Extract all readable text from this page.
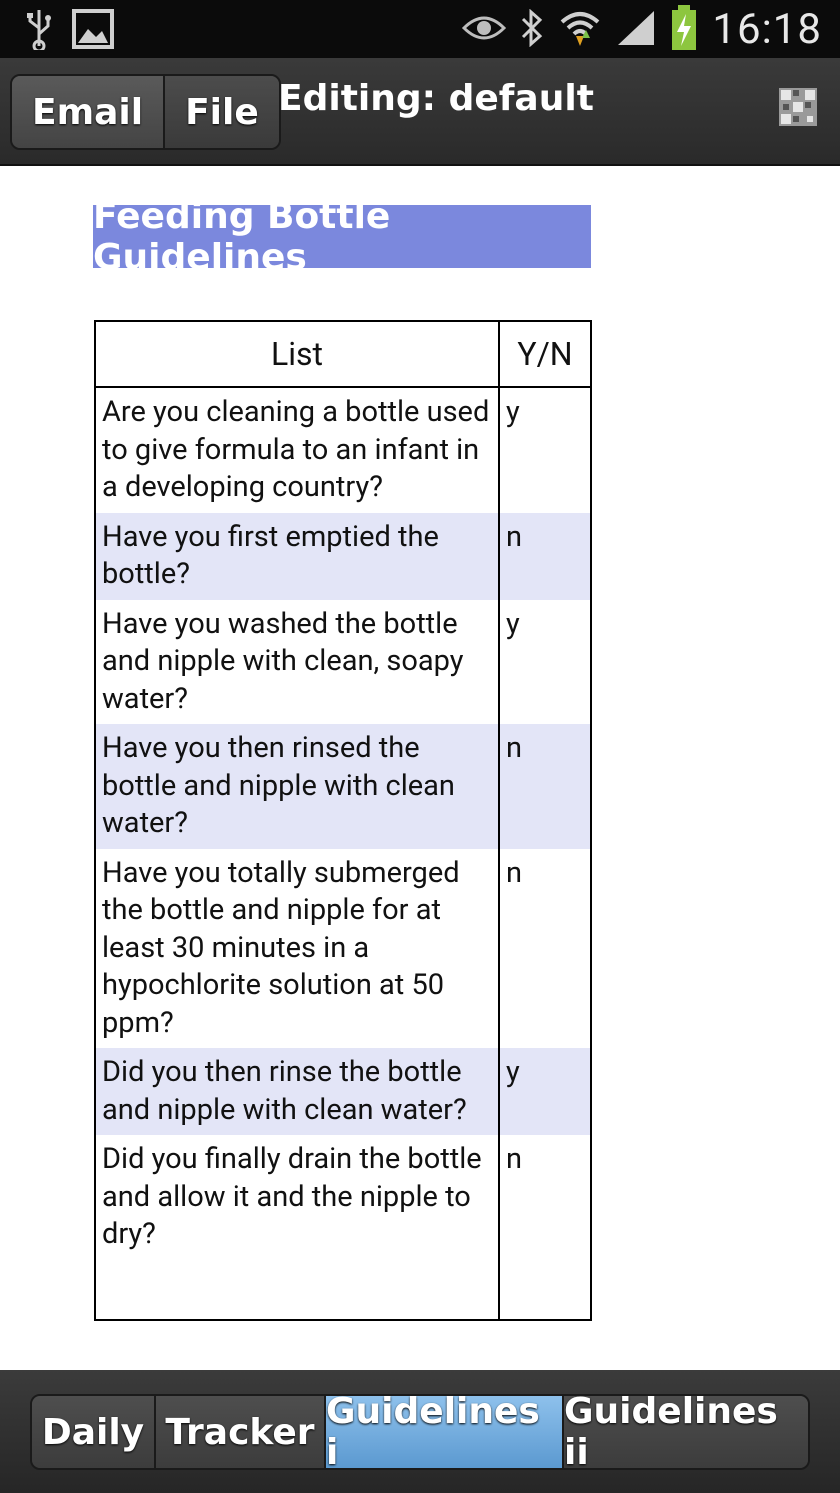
16:18
Email	File Editing: default
Feeding Bottle Guidelines
List	Y/N
Are you cleaning a bottle used to give formula to an infant in a developing country?	y
Have you first emptied the bottle?	n
Have you washed the bottle and nipple with clean, soapy water?	y
Have you then rinsed the bottle and nipple with clean water?	n
Have you totally submerged the bottle and nipple for at least 30 minutes in a hypochlorite solution at 50 ppm?	n
Did you then rinse the bottle and nipple with clean water?	y
Did you finally drain the bottle and allow it and the nipple to dry?	n

Daily Tracker Guidelines i
Guidelines ii
